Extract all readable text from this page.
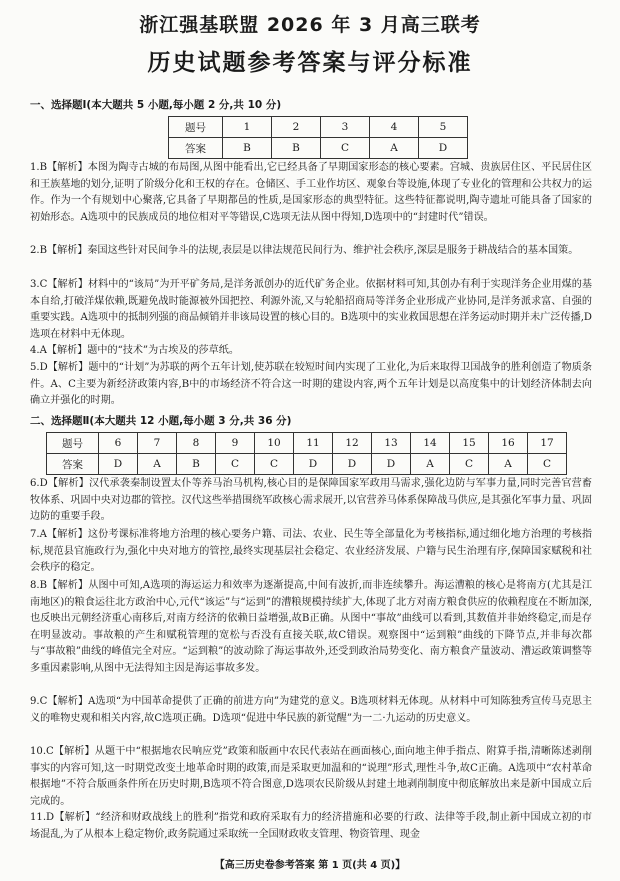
浙江强基联盟 2026 年 3 月高三联考
历史试题参考答案与评分标准
一、选择题Ⅰ(本大题共 5 小题,每小题 2 分,共 10 分)
题号	1	2	3	4	5
答案	B	B	C	A	D
1.B【解析】本图为陶寺古城的布局图,从图中能看出,它已经具备了早期国家形态的核心要素。宫城、贵族居住区、平民居住区和王族墓地的划分,证明了阶级分化和王权的存在。仓储区、手工业作坊区、观象台等设施,体现了专业化的管理和公共权力的运作。作为一个有规划中心聚落,它具备了早期都邑的性质,是国家形态的典型特征。这些特征都说明,陶寺遗址可能具备了国家的初始形态。A选项中的民族成员的地位相对平等错误,C选项无法从图中得知,D选项中的“封建时代”错误。
2.B【解析】秦国这些针对民间争斗的法规,表层是以律法规范民间行为、维护社会秩序,深层是服务于耕战结合的基本国策。
3.C【解析】材料中的“该局”为开平矿务局,是洋务派创办的近代矿务企业。依据材料可知,其创办有利于实现洋务企业用煤的基本自给,打破洋煤依赖,既避免战时能源被外国把控、利源外流,又与轮船招商局等洋务企业形成产业协同,是洋务派求富、自强的重要实践。A选项中的抵制列强的商品倾销并非该局设置的核心目的。B选项中的实业救国思想在洋务运动时期并未广泛传播,D选项在材料中无体现。
4.A【解析】题中的“技术”为古埃及的莎草纸。
5.D【解析】题中的“计划”为苏联的两个五年计划,使苏联在较短时间内实现了工业化,为后来取得卫国战争的胜利创造了物质条件。A、C主要为新经济政策内容,B中的市场经济不符合这一时期的建设内容,两个五年计划是以高度集中的计划经济体制去向确立并强化的时期。
二、选择题Ⅱ(本大题共 12 小题,每小题 3 分,共 36 分)
题号	6	7	8	9	10	11	12	13	14	15	16	17
答案	D	A	B	C	C	D	D	D	A	C	A	C
6.D【解析】汉代承袭秦制设置太仆等养马治马机构,核心目的是保障国家军政用马需求,强化边防与军事力量,同时完善官营畜牧体系、巩固中央对边郡的管控。汉代这些举措围绕军政核心需求展开,以官营养马体系保障战马供应,是其强化军事力量、巩固边防的重要手段。
7.A【解析】这份考课标准将地方治理的核心要务户籍、司法、农业、民生等全部量化为考核指标,通过细化地方治理的考核指标,规范县官施政行为,强化中央对地方的管控,最终实现基层社会稳定、农业经济发展、户籍与民生治理有序,保障国家赋税和社会秩序的稳定。
8.B【解析】从图中可知,A选项的海运运力和效率为逐渐提高,中间有波折,而非连续攀升。海运漕粮的核心是将南方(尤其是江南地区)的粮食运往北方政治中心,元代“该运”与“运到”的漕粮规模持续扩大,体现了北方对南方粮食供应的依赖程度在不断加深,也反映出元朝经济重心南移后,对南方经济的依赖日益增强,故B正确。从图中“事故”曲线可以看到,其数值并非始终稳定,而是存在明显波动。事故粮的产生和赋税管理的宽松与否没有直接关联,故C错误。观察图中“运到粮”曲线的下降节点,并非每次都与“事故粮”曲线的峰值完全对应。“运到粮”的波动除了海运事故外,还受到政治局势变化、南方粮食产量波动、漕运政策调整等多重因素影响,从图中无法得知主因是海运事故多发。
9.C【解析】A选项“为中国革命提供了正确的前进方向”为建党的意义。B选项材料无体现。从材料中可知陈独秀宣传马克思主义的唯物史观和相关内容,故C选项正确。D选项“促进中华民族的新觉醒”为一二·九运动的历史意义。
10.C【解析】从题干中“根据地农民响应党”政策和版画中农民代表站在画面核心,面向地主伸手指点、附算手指,清晰陈述剥削事实的内容可知,这一时期党改变土地革命时期的政策,而是采取更加温和的“说理”形式,理性斗争,故C正确。A选项中“农村革命根据地”不符合版画条件所在历史时期,B选项不符合图意,D选项农民阶级从封建土地剥削制度中彻底解放出来是新中国成立后完成的。
11.D【解析】“经济和财政战线上的胜利”指党和政府采取有力的经济措施和必要的行政、法律等手段,制止新中国成立初的市场混乱,为了从根本上稳定物价,政务院通过采取统一全国财政收支管理、物资管理、现金
【高三历史卷参考答案 第 1 页(共 4 页)】
